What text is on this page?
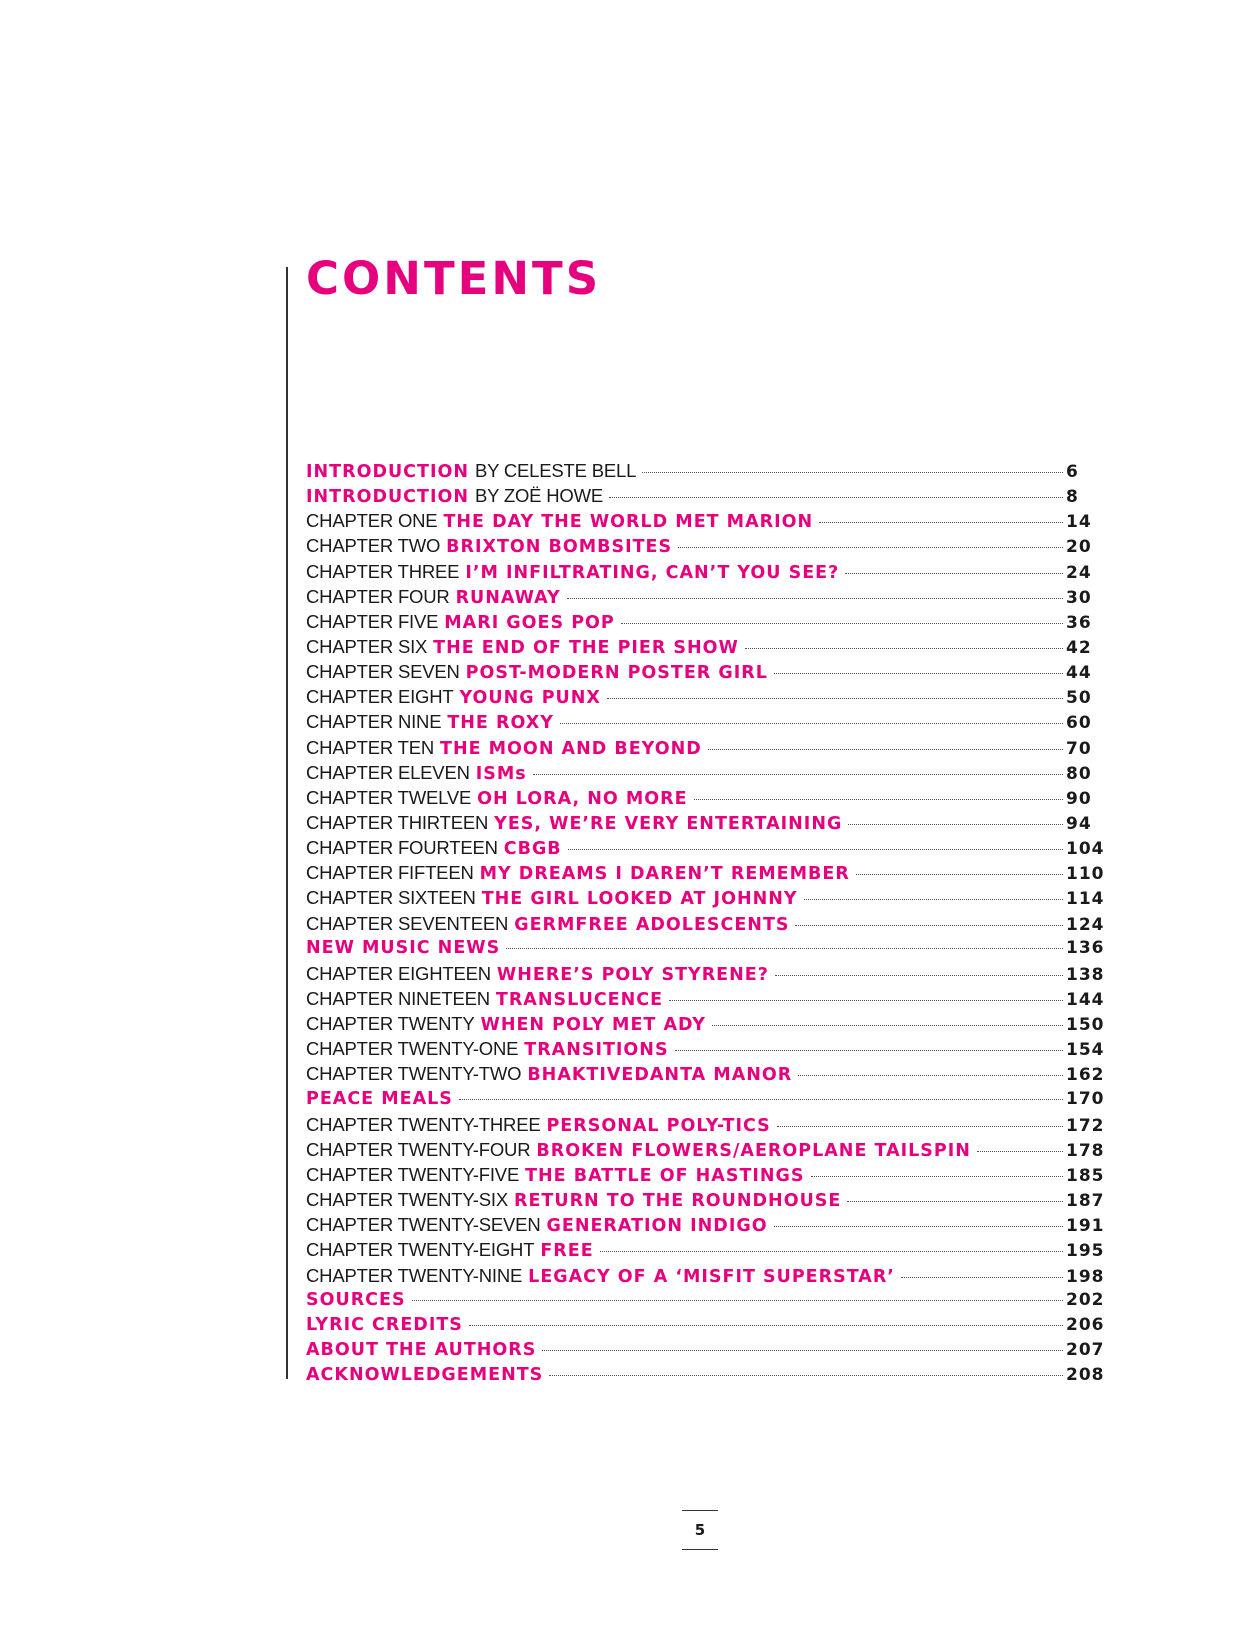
CONTENTS
INTRODUCTION BY CELESTE BELL	6
INTRODUCTION BY ZOË HOWE	8
CHAPTER ONE THE DAY THE WORLD MET MARION	14
CHAPTER TWO BRIXTON BOMBSITES	20
CHAPTER THREE I’M INFILTRATING, CAN’T YOU SEE?	24
CHAPTER FOUR RUNAWAY	30
CHAPTER FIVE MARI GOES POP	36
CHAPTER SIX THE END OF THE PIER SHOW	42
CHAPTER SEVEN POST-MODERN POSTER GIRL	44
CHAPTER EIGHT YOUNG PUNX	50
CHAPTER NINE THE ROXY	60
CHAPTER TEN THE MOON AND BEYOND	70
CHAPTER ELEVEN ISMs	80
CHAPTER TWELVE OH LORA, NO MORE	90
CHAPTER THIRTEEN YES, WE’RE VERY ENTERTAINING	94
CHAPTER FOURTEEN CBGB	104
CHAPTER FIFTEEN MY DREAMS I DAREN’T REMEMBER	110
CHAPTER SIXTEEN THE GIRL LOOKED AT JOHNNY	114
CHAPTER SEVENTEEN GERMFREE ADOLESCENTS	124
NEW MUSIC NEWS	136
CHAPTER EIGHTEEN WHERE’S POLY STYRENE?	138
CHAPTER NINETEEN TRANSLUCENCE	144
CHAPTER TWENTY WHEN POLY MET ADY	150
CHAPTER TWENTY-ONE TRANSITIONS	154
CHAPTER TWENTY-TWO BHAKTIVEDANTA MANOR	162
PEACE MEALS	170
CHAPTER TWENTY-THREE PERSONAL POLY-TICS	172
CHAPTER TWENTY-FOUR BROKEN FLOWERS/AEROPLANE TAILSPIN	178
CHAPTER TWENTY-FIVE THE BATTLE OF HASTINGS	185
CHAPTER TWENTY-SIX RETURN TO THE ROUNDHOUSE	187
CHAPTER TWENTY-SEVEN GENERATION INDIGO	191
CHAPTER TWENTY-EIGHT FREE	195
CHAPTER TWENTY-NINE LEGACY OF A ‘MISFIT SUPERSTAR’	198
SOURCES	202
LYRIC CREDITS	206
ABOUT THE AUTHORS	207
ACKNOWLEDGEMENTS	208
5
